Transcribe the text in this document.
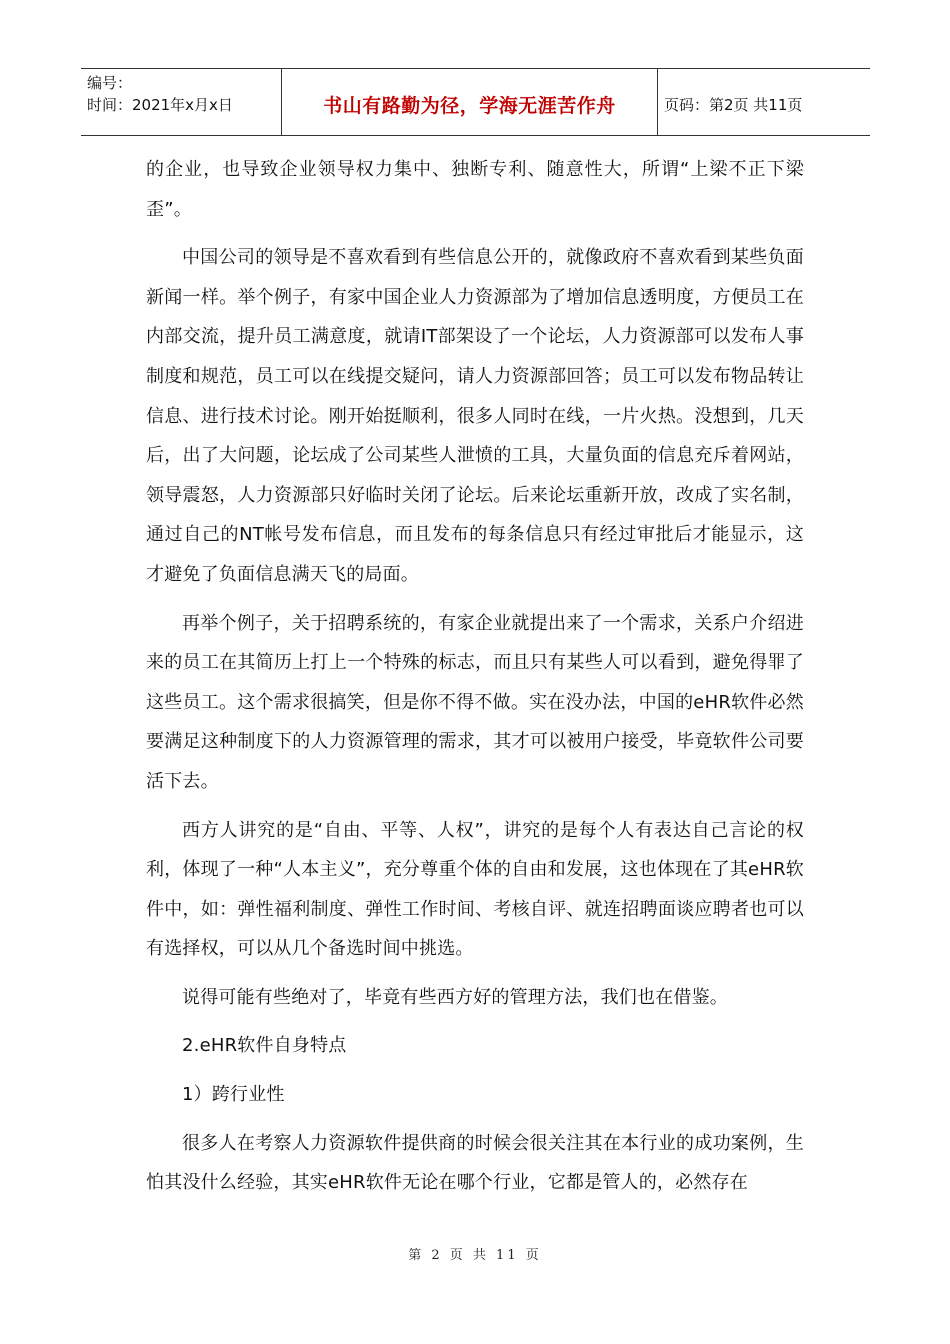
编号：
时间：2021年x月x日	书山有路勤为径，学海无涯苦作舟	页码：第2页 共11页

的企业，也导致企业领导权力集中、独断专利、随意性大，所谓“上梁不正下梁歪”。

中国公司的领导是不喜欢看到有些信息公开的，就像政府不喜欢看到某些负面新闻一样。举个例子，有家中国企业人力资源部为了增加信息透明度，方便员工在内部交流，提升员工满意度，就请IT部架设了一个论坛，人力资源部可以发布人事制度和规范，员工可以在线提交疑问，请人力资源部回答；员工可以发布物品转让信息、进行技术讨论。刚开始挺顺利，很多人同时在线，一片火热。没想到，几天后，出了大问题，论坛成了公司某些人泄愤的工具，大量负面的信息充斥着网站，领导震怒，人力资源部只好临时关闭了论坛。后来论坛重新开放，改成了实名制，通过自己的NT帐号发布信息，而且发布的每条信息只有经过审批后才能显示，这才避免了负面信息满天飞的局面。

再举个例子，关于招聘系统的，有家企业就提出来了一个需求，关系户介绍进来的员工在其简历上打上一个特殊的标志，而且只有某些人可以看到，避免得罪了这些员工。这个需求很搞笑，但是你不得不做。实在没办法，中国的eHR软件必然要满足这种制度下的人力资源管理的需求，其才可以被用户接受，毕竟软件公司要活下去。

西方人讲究的是“自由、平等、人权”，讲究的是每个人有表达自己言论的权利，体现了一种“人本主义”，充分尊重个体的自由和发展，这也体现在了其eHR软件中，如：弹性福利制度、弹性工作时间、考核自评、就连招聘面谈应聘者也可以有选择权，可以从几个备选时间中挑选。

说得可能有些绝对了，毕竟有些西方好的管理方法，我们也在借鉴。

2.eHR软件自身特点

1）跨行业性

很多人在考察人力资源软件提供商的时候会很关注其在本行业的成功案例，生怕其没什么经验，其实eHR软件无论在哪个行业，它都是管人的，必然存在

第 2 页 共 11 页
